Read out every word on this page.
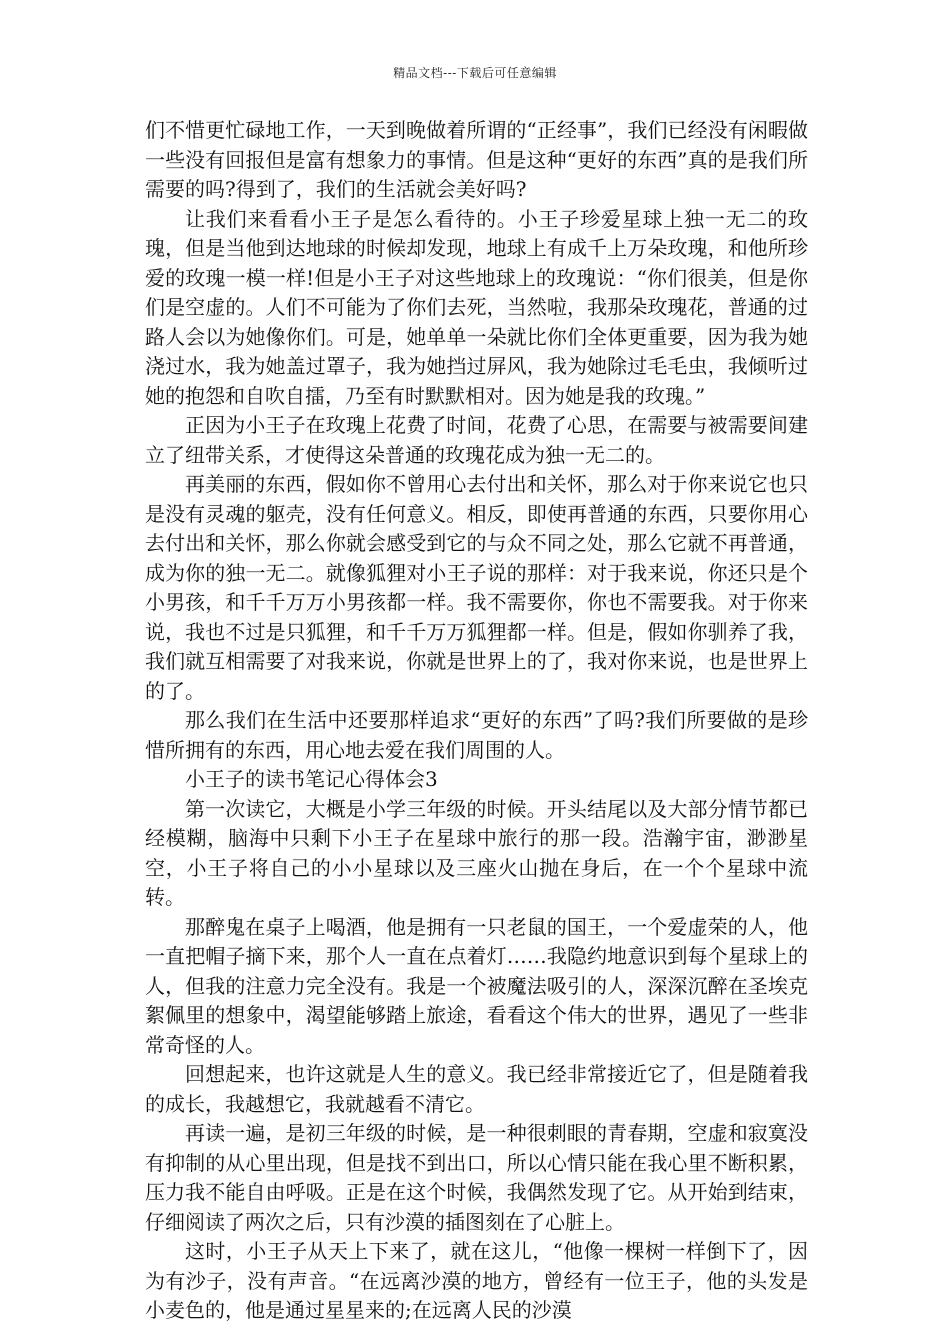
精品文档---下载后可任意编辑

们不惜更忙碌地工作，一天到晚做着所谓的“正经事”，我们已经没有闲暇做一些没有回报但是富有想象力的事情。但是这种“更好的东西”真的是我们所需要的吗?得到了，我们的生活就会美好吗?

让我们来看看小王子是怎么看待的。小王子珍爱星球上独一无二的玫瑰，但是当他到达地球的时候却发现，地球上有成千上万朵玫瑰，和他所珍爱的玫瑰一模一样!但是小王子对这些地球上的玫瑰说：“你们很美，但是你们是空虚的。人们不可能为了你们去死，当然啦，我那朵玫瑰花，普通的过路人会以为她像你们。可是，她单单一朵就比你们全体更重要，因为我为她浇过水，我为她盖过罩子，我为她挡过屏风，我为她除过毛毛虫，我倾听过她的抱怨和自吹自擂，乃至有时默默相对。因为她是我的玫瑰。”

正因为小王子在玫瑰上花费了时间，花费了心思，在需要与被需要间建立了纽带关系，才使得这朵普通的玫瑰花成为独一无二的。

再美丽的东西，假如你不曾用心去付出和关怀，那么对于你来说它也只是没有灵魂的躯壳，没有任何意义。相反，即使再普通的东西，只要你用心去付出和关怀，那么你就会感受到它的与众不同之处，那么它就不再普通，成为你的独一无二。就像狐狸对小王子说的那样：对于我来说，你还只是个小男孩，和千千万万小男孩都一样。我不需要你，你也不需要我。对于你来说，我也不过是只狐狸，和千千万万狐狸都一样。但是，假如你驯养了我，我们就互相需要了对我来说，你就是世界上的了，我对你来说，也是世界上的了。

那么我们在生活中还要那样追求“更好的东西”了吗?我们所要做的是珍惜所拥有的东西，用心地去爱在我们周围的人。

小王子的读书笔记心得体会3

第一次读它，大概是小学三年级的时候。开头结尾以及大部分情节都已经模糊，脑海中只剩下小王子在星球中旅行的那一段。浩瀚宇宙，渺渺星空，小王子将自己的小小星球以及三座火山抛在身后，在一个个星球中流转。

那醉鬼在桌子上喝酒，他是拥有一只老鼠的国王，一个爱虚荣的人，他一直把帽子摘下来，那个人一直在点着灯……我隐约地意识到每个星球上的人，但我的注意力完全没有。我是一个被魔法吸引的人，深深沉醉在圣埃克絮佩里的想象中，渴望能够踏上旅途，看看这个伟大的世界，遇见了一些非常奇怪的人。

回想起来，也许这就是人生的意义。我已经非常接近它了，但是随着我的成长，我越想它，我就越看不清它。

再读一遍，是初三年级的时候，是一种很刺眼的青春期，空虚和寂寞没有抑制的从心里出现，但是找不到出口，所以心情只能在我心里不断积累，压力我不能自由呼吸。正是在这个时候，我偶然发现了它。从开始到结束，仔细阅读了两次之后，只有沙漠的插图刻在了心脏上。

这时，小王子从天上下来了，就在这儿，“他像一棵树一样倒下了，因为有沙子，没有声音。“在远离沙漠的地方，曾经有一位王子，他的头发是小麦色的，他是通过星星来的;在远离人民的沙漠
